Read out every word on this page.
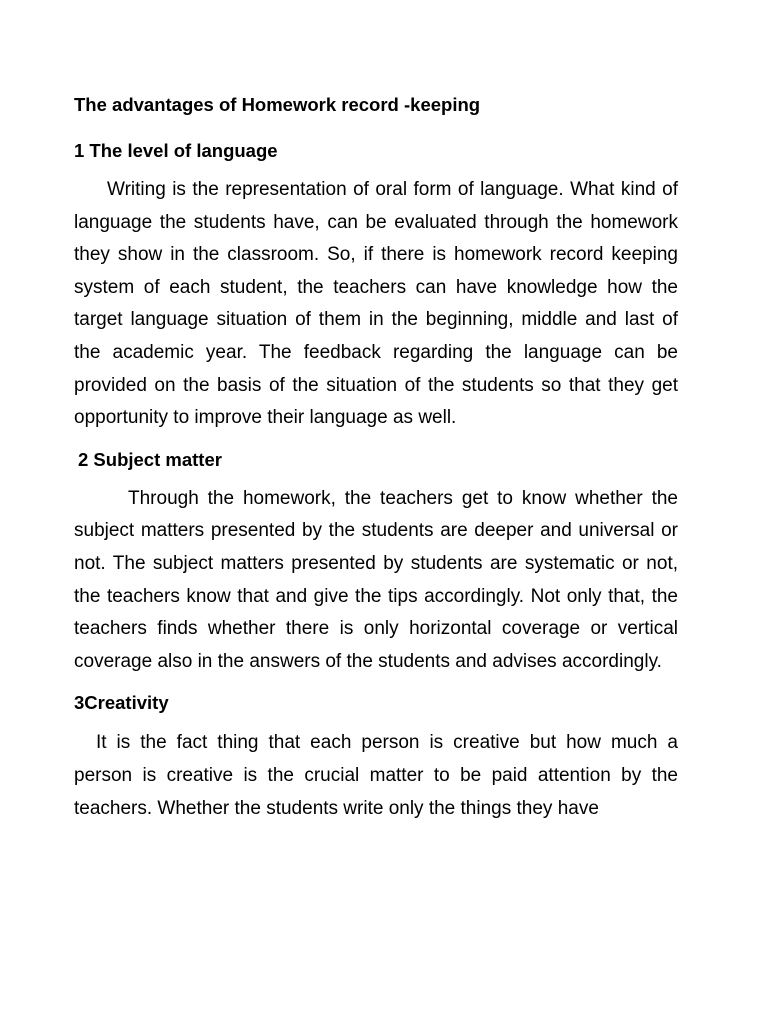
The advantages of Homework record -keeping

1 The level of language

Writing is the representation of oral form of language. What kind of language the students have, can be evaluated through the homework they show in the classroom. So, if there is homework record keeping system of each student, the teachers can have knowledge how the target language situation of them in the beginning, middle and last of the academic year. The feedback regarding the language can be provided on the basis of the situation of the students so that they get opportunity to improve their language as well.

2 Subject matter

Through the homework, the teachers get to know whether the subject matters presented by the students are deeper and universal or not. The subject matters presented by students are systematic or not, the teachers know that and give the tips accordingly. Not only that, the teachers finds whether there is only horizontal coverage or vertical coverage also in the answers of the students and advises accordingly.

3Creativity

It is the fact thing that each person is creative but how much a person is creative is the crucial matter to be paid attention by the teachers. Whether the students write only the things they have
